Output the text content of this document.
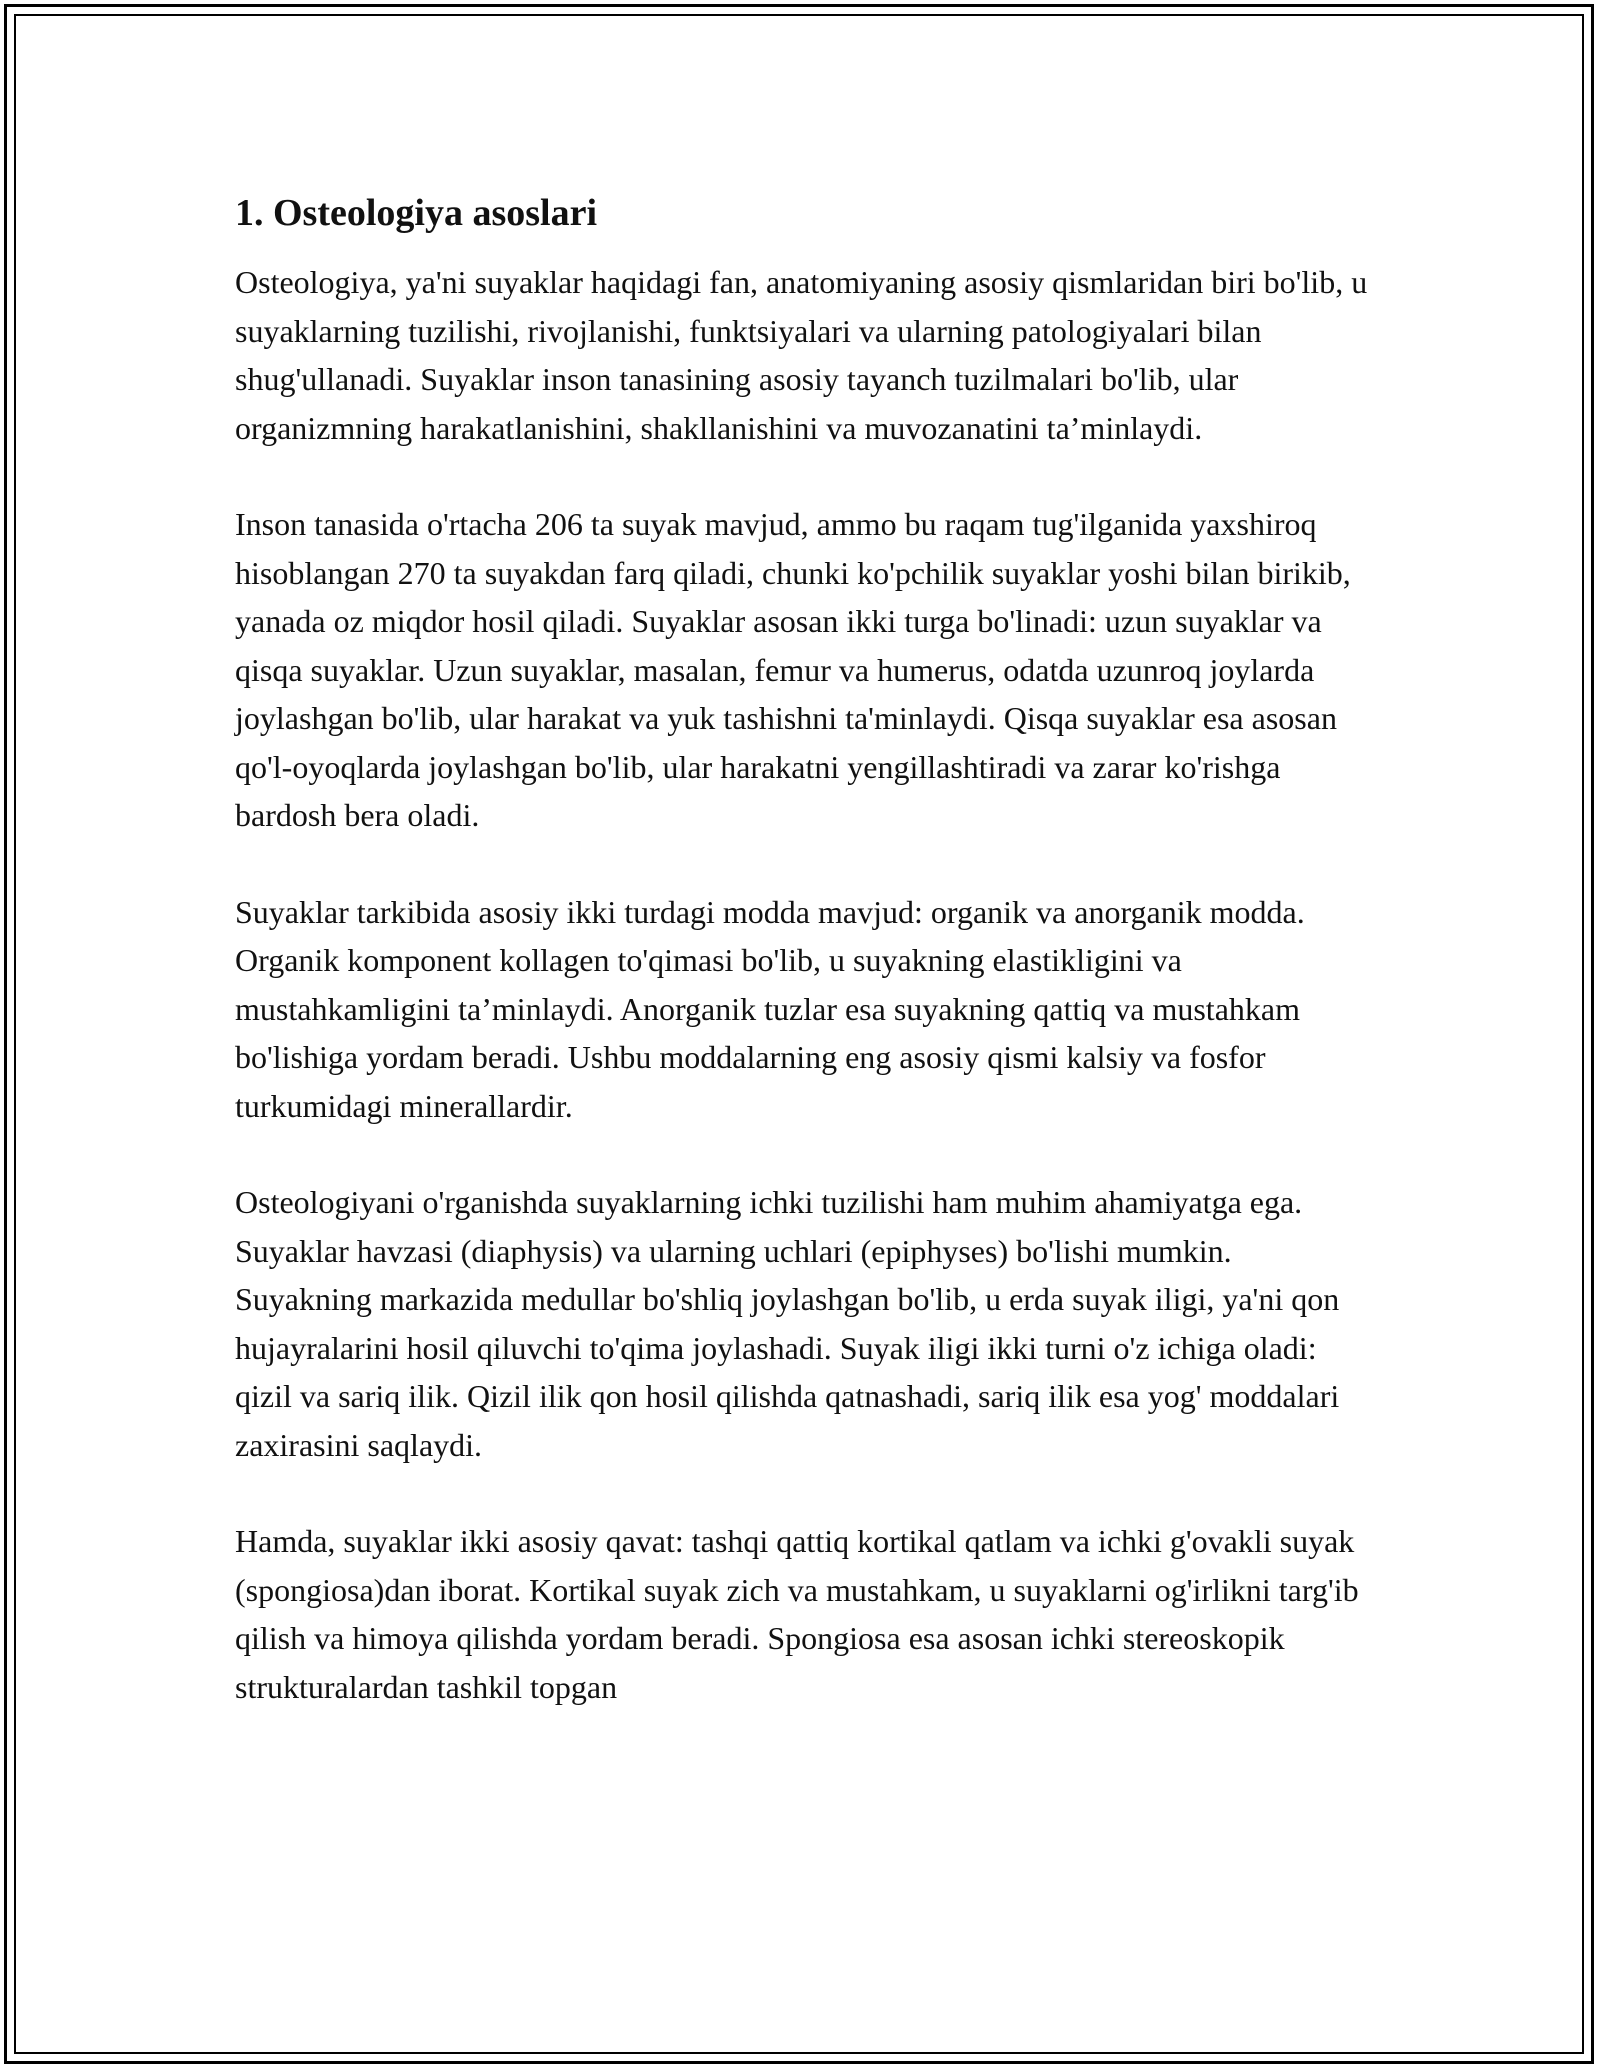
1. Osteologiya asoslari

Osteologiya, ya'ni suyaklar haqidagi fan, anatomiyaning asosiy qismlaridan biri bo'lib, u suyaklarning tuzilishi, rivojlanishi, funktsiyalari va ularning patologiyalari bilan shug'ullanadi. Suyaklar inson tanasining asosiy tayanch tuzilmalari bo'lib, ular organizmning harakatlanishini, shakllanishini va muvozanatini ta’minlaydi.

Inson tanasida o'rtacha 206 ta suyak mavjud, ammo bu raqam tug'ilganida yaxshiroq hisoblangan 270 ta suyakdan farq qiladi, chunki ko'pchilik suyaklar yoshi bilan birikib, yanada oz miqdor hosil qiladi. Suyaklar asosan ikki turga bo'linadi: uzun suyaklar va qisqa suyaklar. Uzun suyaklar, masalan, femur va humerus, odatda uzunroq joylarda joylashgan bo'lib, ular harakat va yuk tashishni ta'minlaydi. Qisqa suyaklar esa asosan qo'l-oyoqlarda joylashgan bo'lib, ular harakatni yengillashtiradi va zarar ko'rishga bardosh bera oladi.

Suyaklar tarkibida asosiy ikki turdagi modda mavjud: organik va anorganik modda. Organik komponent kollagen to'qimasi bo'lib, u suyakning elastikligini va mustahkamligini ta’minlaydi. Anorganik tuzlar esa suyakning qattiq va mustahkam bo'lishiga yordam beradi. Ushbu moddalarning eng asosiy qismi kalsiy va fosfor turkumidagi minerallardir.

Osteologiyani o'rganishda suyaklarning ichki tuzilishi ham muhim ahamiyatga ega. Suyaklar havzasi (diaphysis) va ularning uchlari (epiphyses) bo'lishi mumkin. Suyakning markazida medullar bo'shliq joylashgan bo'lib, u erda suyak iligi, ya'ni qon hujayralarini hosil qiluvchi to'qima joylashadi. Suyak iligi ikki turni o'z ichiga oladi: qizil va sariq ilik. Qizil ilik qon hosil qilishda qatnashadi, sariq ilik esa yog' moddalari zaxirasini saqlaydi.

Hamda, suyaklar ikki asosiy qavat: tashqi qattiq kortikal qatlam va ichki g'ovakli suyak (spongiosa)dan iborat. Kortikal suyak zich va mustahkam, u suyaklarni og'irlikni targ'ib qilish va himoya qilishda yordam beradi. Spongiosa esa asosan ichki stereoskopik strukturalardan tashkil topgan
